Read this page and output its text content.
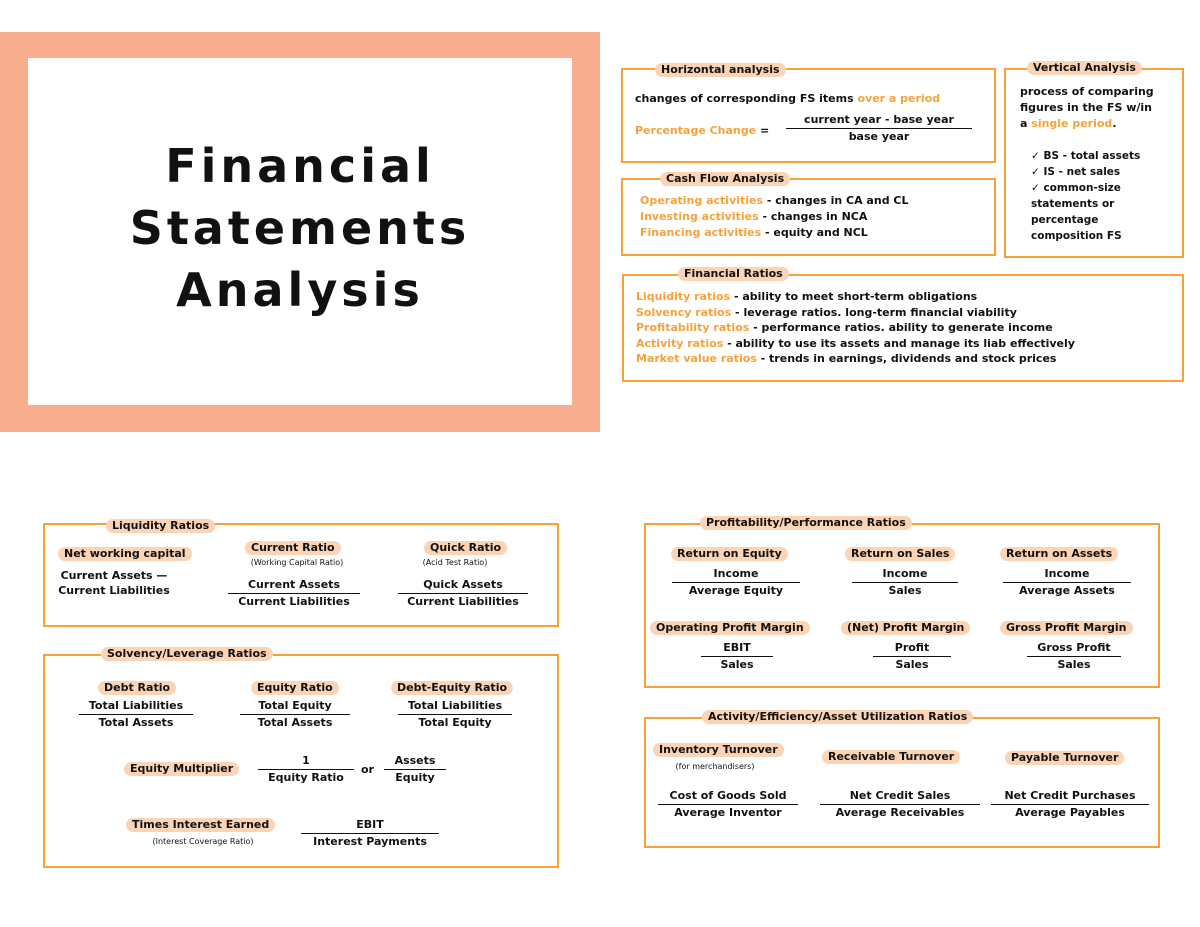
Financial
Statements
Analysis
Horizontal analysis
changes of corresponding FS items over a period
Percentage Change =
current year - base year
base year
Vertical Analysis
process of comparing
figures in the FS w/in
a single period.
✓ BS - total assets
✓ IS - net sales
✓ common-size
statements or
percentage
composition FS
Cash Flow Analysis
Operating activities - changes in CA and CL
Investing activities - changes in NCA
Financing activities - equity and NCL
Financial Ratios
Liquidity ratios - ability to meet short-term obligations
Solvency ratios - leverage ratios. long-term financial viability
Profitability ratios - performance ratios. ability to generate income
Activity ratios - ability to use its assets and manage its liab effectively
Market value ratios - trends in earnings, dividends and stock prices
Liquidity Ratios
Net working capital
Current Assets —
Current Liabilities
Current Ratio
(Working Capital Ratio)
Current Assets
Current Liabilities
Quick Ratio
(Acid Test Ratio)
Quick Assets
Current Liabilities
Solvency/Leverage Ratios
Debt Ratio
Total Liabilities
Total Assets
Equity Ratio
Total Equity
Total Assets
Debt-Equity Ratio
Total Liabilities
Total Equity
Equity Multiplier
1
Equity Ratio
or
Assets
Equity
Times Interest Earned
(Interest Coverage Ratio)
EBIT
Interest Payments
Profitability/Performance Ratios
Return on Equity
Income
Average Equity
Return on Sales
Income
Sales
Return on Assets
Income
Average Assets
Operating Profit Margin
EBIT
Sales
(Net) Profit Margin
Profit
Sales
Gross Profit Margin
Gross Profit
Sales
Activity/Efficiency/Asset Utilization Ratios
Inventory Turnover
(for merchandisers)
Cost of Goods Sold
Average Inventor
Receivable Turnover
Net Credit Sales
Average Receivables
Payable Turnover
Net Credit Purchases
Average Payables
